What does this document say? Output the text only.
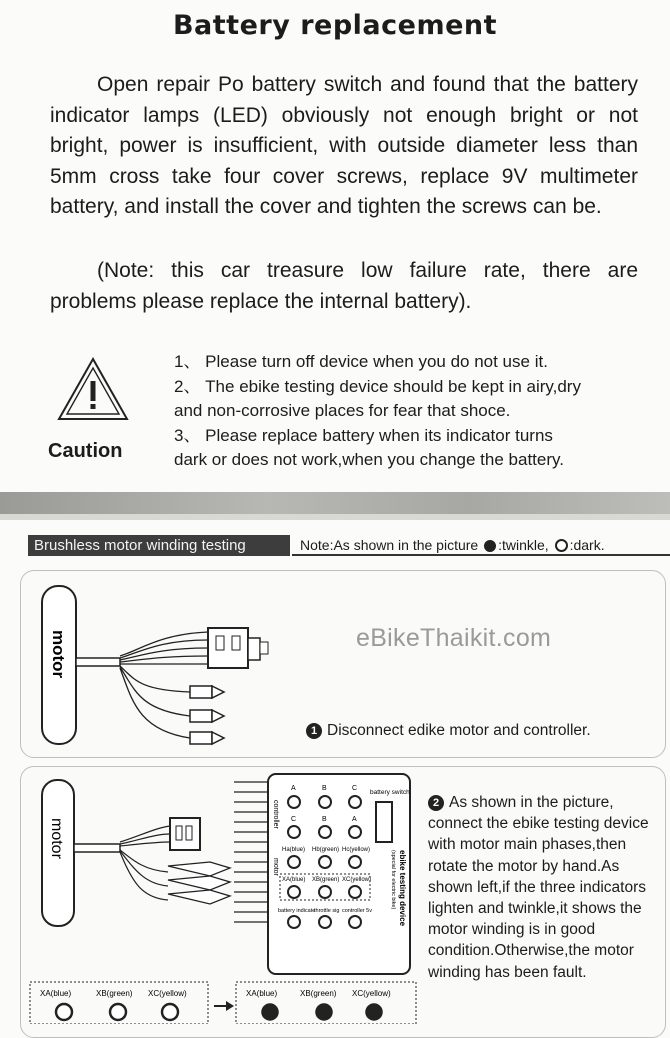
Battery replacement
Open repair Po battery switch and found that the battery indicator lamps (LED) obviously not enough bright or not bright, power is insufficient, with outside diameter less than 5mm cross take four cover screws, replace 9V multimeter battery, and install the cover and tighten the screws can be.
(Note: this car treasure low failure rate, there are problems please replace the internal battery).
Caution
1、 Please turn off device when you do not use it.
2、 The ebike testing device should be kept in airy,dry
and non-corrosive places for fear that shoce.
3、 Please replace battery when its indicator turns
dark or does not work,when you change the battery.
Brushless motor winding testing	Note:As shown in the picture :twinkle, :dark.
motor	eBikeThaikit.com
1 Disconnect edike motor and controller.
motor
battery switch
controller
motor	ebike testing device
(special for electric bike)
A	B	C
C	B	A
Ha(blue) Hb(green) Hc(yellow)
XA(blue) XB(green) XC(yellow)
battery indicate
throttle sig controller 5v
XA(blue)	XB(green) XC(yellow)	XA(blue)	XB(green) XC(yellow)
2 As shown in the picture, connect the ebike testing device with motor main phases,then rotate the motor by hand.As shown left,if the three indicators lighten and twinkle,it shows the motor winding is in good condition.Otherwise,the motor winding has been fault.
